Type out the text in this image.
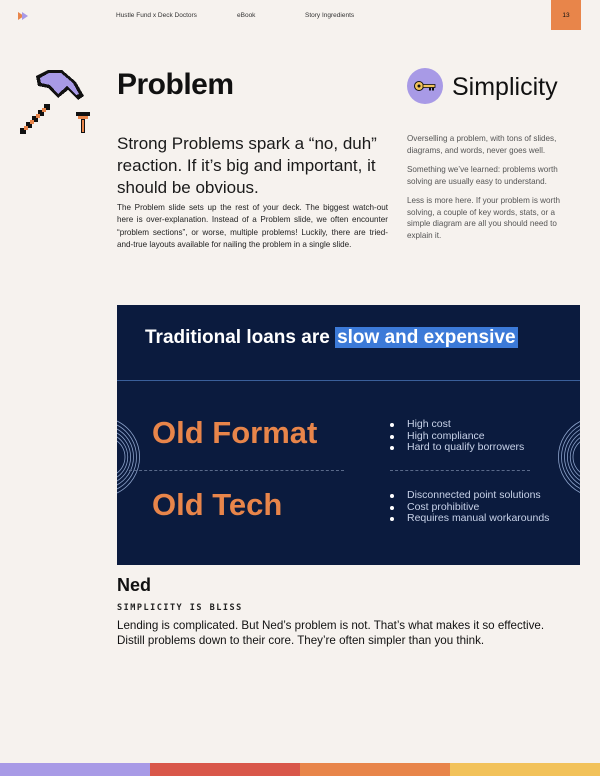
Hustle Fund x Deck Doctors	eBook	Story Ingredients	13
Problem	Simplicity
Strong Problems spark a “no, duh” reaction. If it’s big and important, it should be obvious.
The Problem slide sets up the rest of your deck. The biggest watch-out here is over-explanation. Instead of a Problem slide, we often encounter “problem sections”, or worse, multiple problems! Luckily, there are tried-and-true layouts available for nailing the problem in a single slide.
Overselling a problem, with tons of slides, diagrams, and words, never goes well.
Something we’ve learned: problems worth solving are usually easy to understand.
Less is more here. If your problem is worth solving, a couple of key words, stats, or a simple diagram are all you should need to explain it.
Traditional loans are slow and expensive
Old Format	High cost
High compliance
Hard to qualify borrowers
Old Tech	Disconnected point solutions
Cost prohibitive
Requires manual workarounds
Ned
SIMPLICITY IS BLISS
Lending is complicated. But Ned’s problem is not. That’s what makes it so effective. Distill problems down to their core. They’re often simpler than you think.
